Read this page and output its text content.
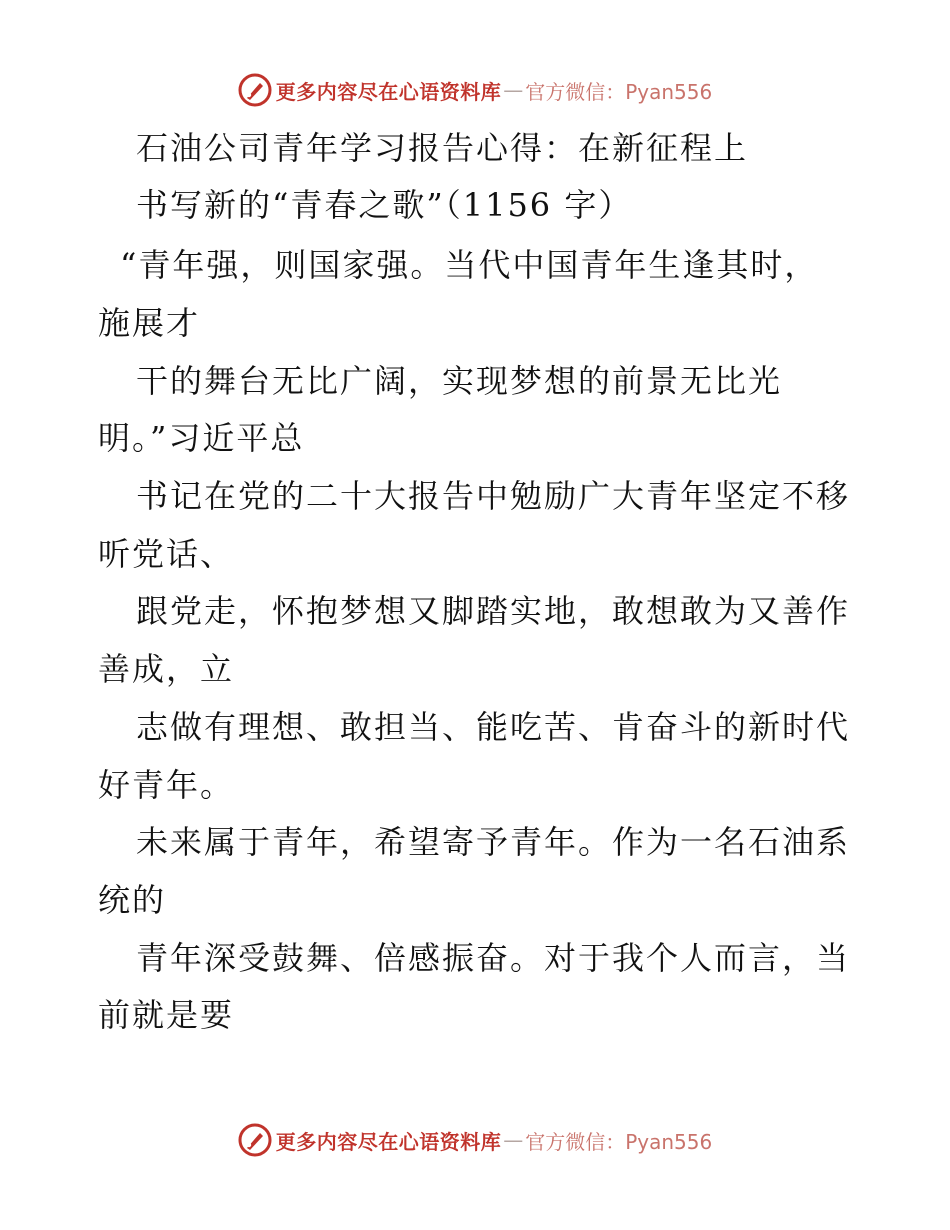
更多内容尽在心语资料库 — 官方微信：Pyan556
石油公司青年学习报告心得：在新征程上
书写新的“青春之歌”（1156 字）
“青年强，则国家强。当代中国青年生逢其时，
施展才
干的舞台无比广阔，实现梦想的前景无比光
明。”习近平总
书记在党的二十大报告中勉励广大青年坚定不移
听党话、
跟党走，怀抱梦想又脚踏实地，敢想敢为又善作
善成，立
志做有理想、敢担当、能吃苦、肯奋斗的新时代
好青年。
未来属于青年，希望寄予青年。作为一名石油系
统的
青年深受鼓舞、倍感振奋。对于我个人而言，当
前就是要
更多内容尽在心语资料库 — 官方微信：Pyan556
